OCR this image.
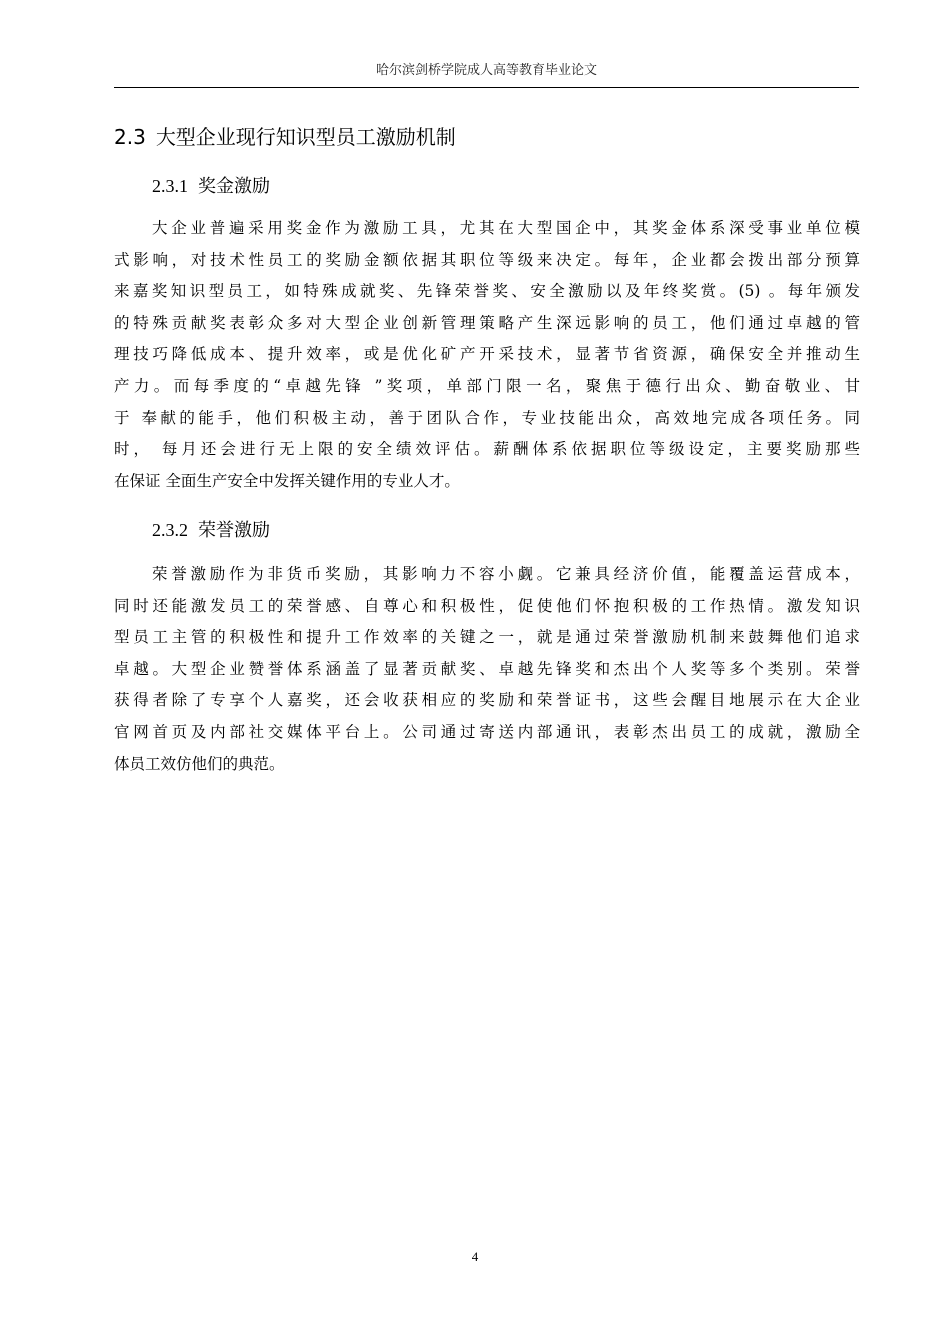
哈尔滨剑桥学院成人高等教育毕业论文
2.3 大型企业现行知识型员工激励机制
2.3.1 奖金激励
大企业普遍采用奖金作为激励工具，尤其在大型国企中，其奖金体系深受事业单位模
式影响，对技术性员工的奖励金额依据其职位等级来决定。每年，企业都会拨出部分预算
来嘉奖知识型员工，如特殊成就奖、先锋荣誉奖、安全激励以及年终奖赏。(5) 。每年颁发
的特殊贡献奖表彰众多对大型企业创新管理策略产生深远影响的员工，他们通过卓越的管
理技巧降低成本、提升效率，或是优化矿产开采技术，显著节省资源，确保安全并推动生
产力。而每季度的“卓越先锋 ”奖项，单部门限一名，聚焦于德行出众、勤奋敬业、甘
于 奉献的能手，他们积极主动，善于团队合作，专业技能出众，高效地完成各项任务。同
时， 每月还会进行无上限的安全绩效评估。薪酬体系依据职位等级设定，主要奖励那些
在保证 全面生产安全中发挥关键作用的专业人才。
2.3.2 荣誉激励
荣誉激励作为非货币奖励，其影响力不容小觑。它兼具经济价值，能覆盖运营成本，
同时还能激发员工的荣誉感、自尊心和积极性，促使他们怀抱积极的工作热情。激发知识
型员工主管的积极性和提升工作效率的关键之一，就是通过荣誉激励机制来鼓舞他们追求
卓越。大型企业赞誉体系涵盖了显著贡献奖、卓越先锋奖和杰出个人奖等多个类别。荣誉
获得者除了专享个人嘉奖，还会收获相应的奖励和荣誉证书，这些会醒目地展示在大企业
官网首页及内部社交媒体平台上。公司通过寄送内部通讯，表彰杰出员工的成就，激励全
体员工效仿他们的典范。
4
